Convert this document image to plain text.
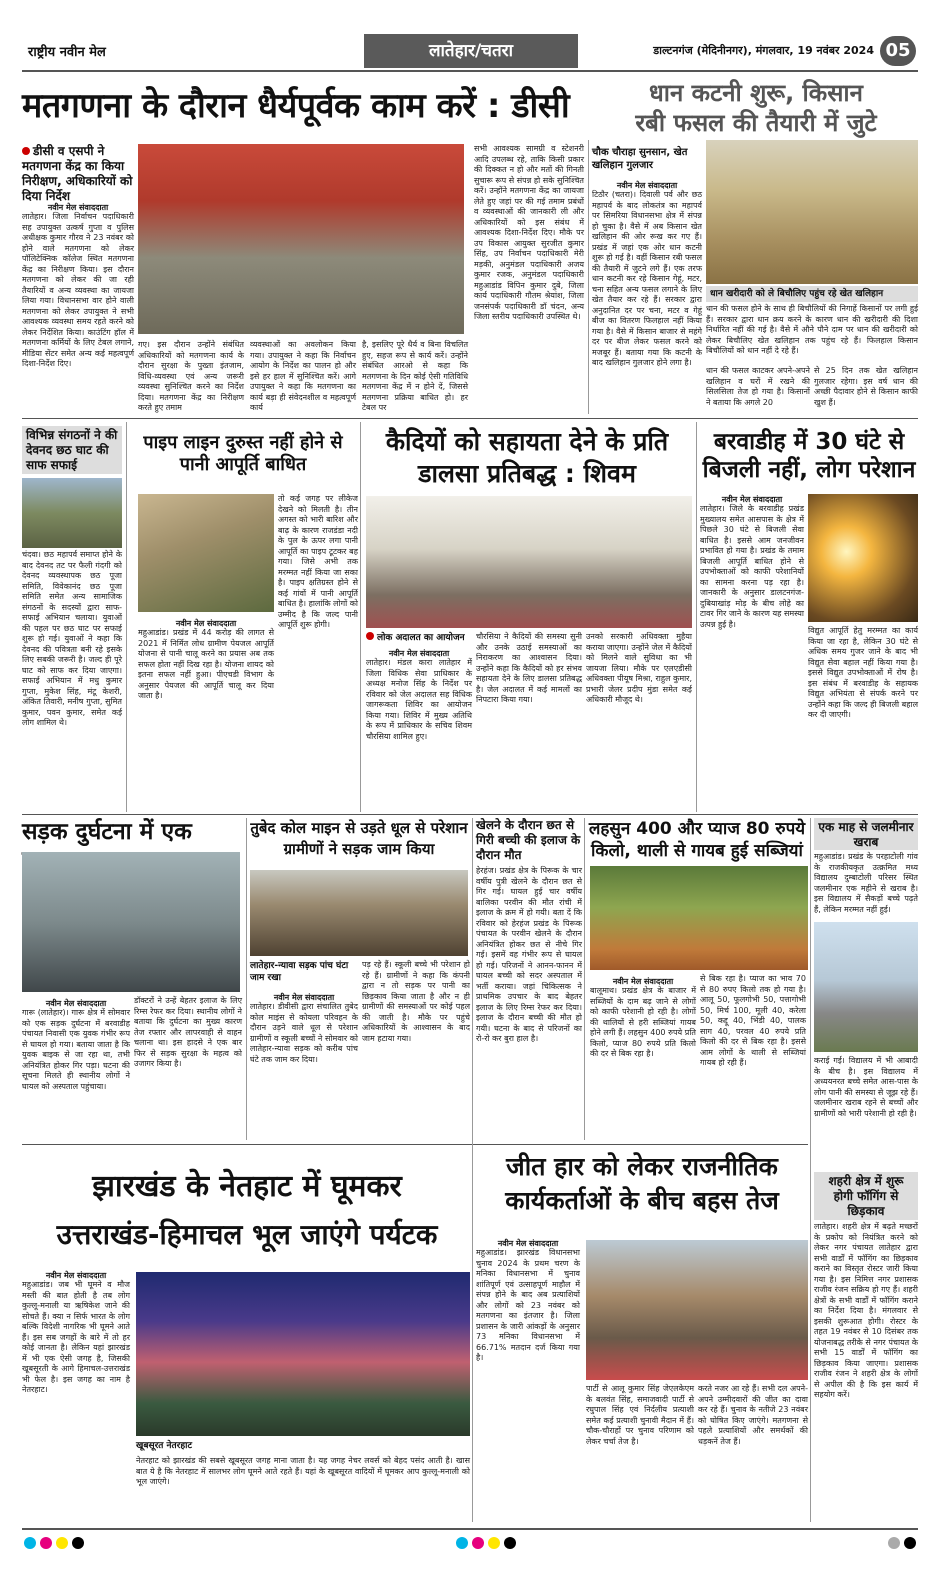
राष्ट्रीय नवीन मेल	लातेहार/चतरा	डाल्टनगंज (मेदिनीनगर), मंगलवार, 19 नवंबर 2024 05
मतगणना के दौरान धैर्यपूर्वक काम करें : डीसी
डीसी व एसपी ने मतगणना केंद्र का किया निरीक्षण, अधिकारियों को दिया निर्देश
नवीन मेल संवाददाता
लातेहार। जिला निर्वाचन पदाधिकारी सह उपायुक्त उत्कर्ष गुप्ता व पुलिस अधीक्षक कुमार गौरव ने 23 नवंबर को होने वाले मतगणना को लेकर पॉलिटेक्निक कॉलेज स्थित मतगणना केंद्र का निरीक्षण किया। इस दौरान मतगणना को लेकर की जा रही तैयारियों व अन्य व्यवस्था का जायजा लिया गया। विधानसभा वार होने वाली मतगणना को लेकर उपायुक्त ने सभी आवश्यक व्यवस्था समय रहते करने को लेकर निर्देशित किया। काउंटिंग हॉल में मतगणना कर्मियों के लिए टेबल लगाने, मीडिया सेंटर समेत अन्य कई महत्वपूर्ण दिशा-निर्देश दिए।
गए। इस दौरान उन्होंने संबंधित अधिकारियों को मतगणना कार्य के दौरान सुरक्षा के पुख्ता इंतजाम, विधि-व्यवस्था एवं अन्य जरूरी व्यवस्था सुनिश्चित करने का निर्देश दिया। मतगणना केंद्र का निरीक्षण करते हुए तमाम
व्यवस्थाओं का अवलोकन किया गया। उपायुक्त ने कहा कि निर्वाचन आयोग के निर्देश का पालन हो और इसे हर हाल में सुनिश्चित करें। आगे उपायुक्त ने कहा कि मतगणना का कार्य बड़ा ही संवेदनशील व महत्वपूर्ण कार्य
है, इसलिए पूरे धैर्य व बिना विचलित हुए, सहज रूप से कार्य करें। उन्होंने संबंधित आरओ से कहा कि मतगणना के दिन कोई ऐसी गतिविधि मतगणना केंद्र में न होने दें, जिससे मतगणना प्रक्रिया बाधित हो। हर टेबल पर
सभी आवश्यक सामग्री व स्टेशनरी आदि उपलब्ध रहे, ताकि किसी प्रकार की दिक्कत न हो और मतों की गिनती सुचारू रूप से संपन्न हो सके सुनिश्चित करें। उन्होंने मतगणना केंद्र का जायजा लेते हुए जहां पर की गई तमाम प्रबंधों व व्यवस्थाओं की जानकारी ली और अधिकारियों को इस संबंध में आवश्यक दिशा-निर्देश दिए। मौके पर उप विकास आयुक्त सुरजीत कुमार सिंह, उप निर्वाचन पदाधिकारी मेरी मड़की, अनुमंडल पदाधिकारी अजय कुमार रजक, अनुमंडल पदाधिकारी महुआडांड विपिन कुमार दुबे, जिला कार्य पदाधिकारी गौतम श्रेयांश, जिला जनसंपर्क पदाधिकारी डॉ चंदन, अन्य जिला स्तरीय पदाधिकारी उपस्थित थे।
धान कटनी शुरू, किसान
रबी फसल की तैयारी में जुटे
चौक चौराहा सुनसान, खेत खलिहान गुलजार
नवीन मेल संवाददाता
टिठौर (चतरा)। दिवाली पर्व और छठ महापर्व के बाद लोकतंत्र का महापर्व पर सिमरिया विधानसभा क्षेत्र में संपन्न हो चुका है। वैसे में अब किसान खेत खलिहान की ओर रूख कर गए हैं। प्रखंड में जहां एक ओर धान कटनी शुरू हो गई है। वहीं किसान रबी फसल की तैयारी में जुटने लगे हैं। एक तरफ धान कटनी कर रहे किसान गेहूं, मटर, चना सहित अन्य फसल लगाने के लिए खेत तैयार कर रहे हैं। सरकार द्वारा अनुदानित दर पर चना, मटर व गेहूं बीज का वितरण फिलहाल नहीं किया गया है। वैसे में किसान बाजार से महंगे दर पर बीज लेकर फसल करने को मजबूर हैं। बताया गया कि कटनी के बाद खलिहान गुलजार होने लगा है।
धान खरीदारी को ले बिचौलिए पहुंच रहे खेत खलिहान
धान की फसल होने के साथ ही बिचौलियों की निगाहें किसानों पर लगी हुई हैं। सरकार द्वारा धान क्रय करने के कारण धान की खरीदारी की दिशा निर्धारित नहीं की गई है। वैसे में औने पौने दाम पर धान की खरीदारी को लेकर बिचौलिए खेत खलिहान तक पहुंच रहे हैं। फिलहाल किसान बिचौलियों को धान नहीं दे रहे हैं।
धान की फसल काटकर अपने-अपने खलिहान व घरों में रखने की सिलसिला तेज हो गया है। किसानों ने बताया कि अगले 20
से 25 दिन तक खेत खलिहान गुलजार रहेगा। इस वर्ष धान की अच्छी पैदावार होने से किसान काफी खुश हैं।
विभिन्न संगठनों ने की देवनद छठ घाट की साफ सफाई
चंदवा। छठ महापर्व समाप्त होने के बाद देवनद तट पर फैली गंदगी को देवनद व्यवस्थापक छठ पूजा समिति, विवेकानंद छठ पूजा समिति समेत अन्य सामाजिक संगठनों के सदस्यों द्वारा साफ-सफाई अभियान चलाया। युवाओं की पहल पर छठ घाट पर सफाई शुरू हो गई। युवाओं ने कहा कि देवनद की पवित्रता बनी रहे इसके लिए सबकी जरूरी है। जल्द ही पूरे घाट को साफ कर दिया जाएगा। सफाई अभियान में मधु कुमार गुप्ता, मुकेश सिंह, मंटू केशरी, अंकित तिवारी, मनीष गुप्ता, सुमित कुमार, पवन कुमार, समेत कई लोग शामिल थे।
पाइप लाइन दुरुस्त नहीं होने से पानी आपूर्ति बाधित
नवीन मेल संवाददाता
महुआडांड। प्रखंड में 44 करोड़ की लागत से 2021 में निर्मित लोध ग्रामीण पेयजल आपूर्ति योजना से पानी चालू करने का प्रयास अब तक सफल होता नहीं दिख रहा है। योजना शायद को इतना सफल नहीं हुआ। पीएचडी विभाग के अनुसार पेयजल की आपूर्ति चालू कर दिया जाता है।
तो कई जगह पर लीकेज देखने को मिलती है। तीन अगस्त को भारी बारिश और बाढ़ के कारण राजडंडा नदी के पुल के ऊपर लगा पानी आपूर्ति का पाइप टूटकर बह गया। जिसे अभी तक मरम्मत नहीं किया जा सका है। पाइप क्षतिग्रस्त होने से कई गांवों में पानी आपूर्ति बाधित है। हालांकि लोगों को उम्मीद है कि जल्द पानी आपूर्ति शुरू होगी।
कैदियों को सहायता देने के प्रति डालसा प्रतिबद्ध : शिवम
लोक अदालत का आयोजन
नवीन मेल संवाददाता
लातेहार। मंडल कारा लातेहार में जिला विधिक सेवा प्राधिकार के अध्यक्ष मनोज सिंह के निर्देश पर रविवार को जेल अदालत सह विधिक जागरूकता शिविर का आयोजन किया गया। शिविर में मुख्य अतिथि के रूप में प्राधिकार के सचिव शिवम चौरसिया शामिल हुए।
चौरसिया ने कैदियों की समस्या सुनी और उनके उठाई समस्याओं का निराकरण का आश्वासन दिया। उन्होंने कहा कि कैदियों को हर संभव सहायता देने के लिए डालसा प्रतिबद्ध है। जेल अदालत में कई मामलों का निपटारा किया गया।
उनको सरकारी अधिवक्ता मुहैया कराया जाएगा। उन्होंने जेल में कैदियों को मिलने वाले सुविधा का भी जायजा लिया। मौके पर एलएडीसी अधिवक्ता पीयूष मिश्रा, राहुल कुमार, प्रभारी जेलर प्रदीप मुंडा समेत कई अधिकारी मौजूद थे।
बरवाडीह में 30 घंटे से बिजली नहीं, लोग परेशान
नवीन मेल संवाददाता
लातेहार। जिले के बरवाडीह प्रखंड मुख्यालय समेत आसपास के क्षेत्र में पिछले 30 घंटे से बिजली सेवा बाधित है। इससे आम जनजीवन प्रभावित हो गया है। प्रखंड के तमाम बिजली आपूर्ति बाधित होने से उपभोक्ताओं को काफी परेशानियों का सामना करना पड़ रहा है। जानकारी के अनुसार डालटनगंज-दुबियाखांड़ मोड़ के बीच लोहे का टावर गिर जाने के कारण यह समस्या उत्पन्न हुई है।
विद्युत आपूर्ति हेतु मरम्मत का कार्य किया जा रहा है, लेकिन 30 घंटे से अधिक समय गुजर जाने के बाद भी विद्युत सेवा बहाल नहीं किया गया है। इससे विद्युत उपभोक्ताओं में रोष है। इस संबंध में बरवाडीह के सहायक विद्युत अभियंता से संपर्क करने पर उन्होंने कहा कि जल्द ही बिजली बहाल कर दी जाएगी।
सड़क दुर्घटना में एक
नवीन मेल संवाददाता
गारू (लातेहार)। गारू क्षेत्र में सोमवार को एक सड़क दुर्घटना में बरवाडीह पंचायत निवासी एक युवक गंभीर रूप से घायल हो गया। बताया जाता है कि युवक बाइक से जा रहा था, तभी अनियंत्रित होकर गिर पड़ा। घटना की सूचना मिलते ही स्थानीय लोगों ने घायल को अस्पताल पहुंचाया।
डॉक्टरों ने उन्हें बेहतर इलाज के लिए रिम्स रेफर कर दिया। स्थानीय लोगों ने बताया कि दुर्घटना का मुख्य कारण तेज रफ्तार और लापरवाही से वाहन चलाना था। इस हादसे ने एक बार फिर से सड़क सुरक्षा के महत्व को उजागर किया है।
तुबेद कोल माइन से उड़ते धूल से परेशान ग्रामीणों ने सड़क जाम किया
लातेहार-न्यावा सड़क पांच घंटा जाम रखा
नवीन मेल संवाददाता
लातेहार। डीवीसी द्वारा संचालित तुबेद कोल माइंस से कोयला परिवहन के दौरान उड़ने वाले धूल से परेशान ग्रामीणों व स्कूली बच्चों ने सोमवार को लातेहार-न्यावा सड़क को करीब पांच घंटे तक जाम कर दिया।
पड़ रहे हैं। स्कूली बच्चे भी परेशान हो रहे हैं। ग्रामीणों ने कहा कि कंपनी द्वारा न तो सड़क पर पानी का छिड़काव किया जाता है और न ही ग्रामीणों की समस्याओं पर कोई पहल की जाती है। मौके पर पहुंचे अधिकारियों के आश्वासन के बाद जाम हटाया गया।
खेलने के दौरान छत से गिरी बच्ची की इलाज के दौरान मौत
हेरहंज। प्रखंड क्षेत्र के पिरूक के चार वर्षीय पुत्री खेलने के दौरान छत से गिर गई। घायल हुई चार वर्षीय बालिका परवीन की मौत रांची में इलाज के क्रम में हो गयी। बता दें कि रविवार को हेरहंज प्रखंड के पिरूक पंचायत के परवीन खेलने के दौरान अनियंत्रित होकर छत से नीचे गिर गई। इसमें वह गंभीर रूप से घायल हो गई। परिजनों ने आनन-फानन में घायल बच्ची को सदर अस्पताल में भर्ती कराया। जहां चिकित्सक ने प्राथमिक उपचार के बाद बेहतर इलाज के लिए रिम्स रेफर कर दिया। इलाज के दौरान बच्ची की मौत हो गयी। घटना के बाद से परिजनों का रो-रो कर बुरा हाल है।
लहसुन 400 और प्याज 80 रुपये किलो, थाली से गायब हुई सब्जियां
नवीन मेल संवाददाता
बालूमाथ। प्रखंड क्षेत्र के बाजार में सब्जियों के दाम बढ़ जाने से लोगों को काफी परेशानी हो रही है। लोगों की थालियों से हरी सब्जियां गायब होने लगी हैं। लहसुन 400 रुपये प्रति किलो, प्याज 80 रुपये प्रति किलो की दर से बिक रहा है।
से बिक रहा है। प्याज का भाव 70 से 80 रुपए किलो तक हो गया है। आलू 50, फूलगोभी 50, पत्तागोभी 50, मिर्च 100, मूली 40, करेला 50, कद्दू 40, भिंडी 40, पालक साग 40, परवल 40 रुपये प्रति किलो की दर से बिक रहा है। इससे आम लोगों के थाली से सब्जियां गायब हो रही हैं।
एक माह से जलमीनार खराब
महुआडांड। प्रखंड के परहाटोली गांव के राजकीयकृत उत्क्रमित मध्य विद्यालय दुम्बाटोली परिसर स्थित जलमीनार एक महीने से खराब है। इस विद्यालय में सैकड़ों बच्चे पढ़ते हैं, लेकिन मरम्मत नहीं हुई।
कराई गई। विद्यालय में भी आबादी के बीच है। इस विद्यालय में अध्ययनरत बच्चे समेत आस-पास के लोग पानी की समस्या से जूझ रहे हैं। जलमीनार खराब रहने से बच्चों और ग्रामीणों को भारी परेशानी हो रही है।
शहरी क्षेत्र में शुरू होगी फॉगिंग से छिड़काव
लातेहार। शहरी क्षेत्र में बढ़ते मच्छरों के प्रकोप को नियंत्रित करने को लेकर नगर पंचायत लातेहार द्वारा सभी वार्डों में फॉगिंग का छिड़काव कराने का विस्तृत रोस्टर जारी किया गया है। इस निमित्त नगर प्रशासक राजीव रंजन सक्रिय हो गए हैं। शहरी क्षेत्रों के सभी वार्डों में फॉगिंग कराने का निर्देश दिया है। मंगलवार से इसकी शुरूआत होगी। रोस्टर के तहत 19 नवंबर से 10 दिसंबर तक योजनाबद्ध तरीके से नगर पंचायत के सभी 15 वार्डों में फॉगिंग का छिड़काव किया जाएगा। प्रशासक राजीव रंजन ने शहरी क्षेत्र के लोगों से अपील की है कि इस कार्य में सहयोग करें।
झारखंड के नेतहाट में घूमकर
उत्तराखंड-हिमाचल भूल जाएंगे पर्यटक
नवीन मेल संवाददाता
महुआडांड। जब भी घूमने व मौज मस्ती की बात होती है तब लोग कुल्लू-मनाली या ऋषिकेश जाने की सोचते हैं। क्या न सिर्फ भारत के लोग बल्कि विदेशी नागरिक भी घूमने आते हैं। इस सब जगहों के बारे में तो हर कोई जानता है। लेकिन यहां झारखंड में भी एक ऐसी जगह है, जिसकी खूबसूरती के आगे हिमाचल-उत्तराखंड भी फेल है। इस जगह का नाम है नेतरहाट।
खूबसूरत नेतरहाट
नेतरहाट को झारखंड की सबसे खूबसूरत जगह माना जाता है। यह जगह नेचर लवर्स को बेहद पसंद आती है। खास बात ये है कि नेतरहाट में सालभर लोग घूमने आते रहते हैं। यहां के खूबसूरत वादियों में घूमकर आप कुल्लू-मनाली को भूल जाएंगे।
जीत हार को लेकर राजनीतिक कार्यकर्ताओं के बीच बहस तेज
नवीन मेल संवाददाता
महुआडांड। झारखंड विधानसभा चुनाव 2024 के प्रथम चरण के मनिका विधानसभा में चुनाव शांतिपूर्ण एवं उत्साहपूर्ण माहौल में संपन्न होने के बाद अब प्रत्याशियों और लोगों को 23 नवंबर को मतगणना का इंतजार है। जिला प्रशासन के जारी आंकड़ों के अनुसार 73 मनिका विधानसभा में 66.71% मतदान दर्ज किया गया है।
पार्टी से आलू कुमार सिंह जेएलकेएम के बलवंत सिंह, समाजवादी पार्टी से रघुपाल सिंह एवं निर्दलीय प्रत्याशी समेत कई प्रत्याशी चुनावी मैदान में हैं। चौक-चौराहों पर चुनाव परिणाम को लेकर चर्चा तेज है।
करते नजर आ रहे हैं। सभी दल अपने-अपने उम्मीदवारों की जीत का दावा कर रहे हैं। चुनाव के नतीजे 23 नवंबर को घोषित किए जाएंगे। मतगणना से पहले प्रत्याशियों और समर्थकों की धड़कनें तेज हैं।
